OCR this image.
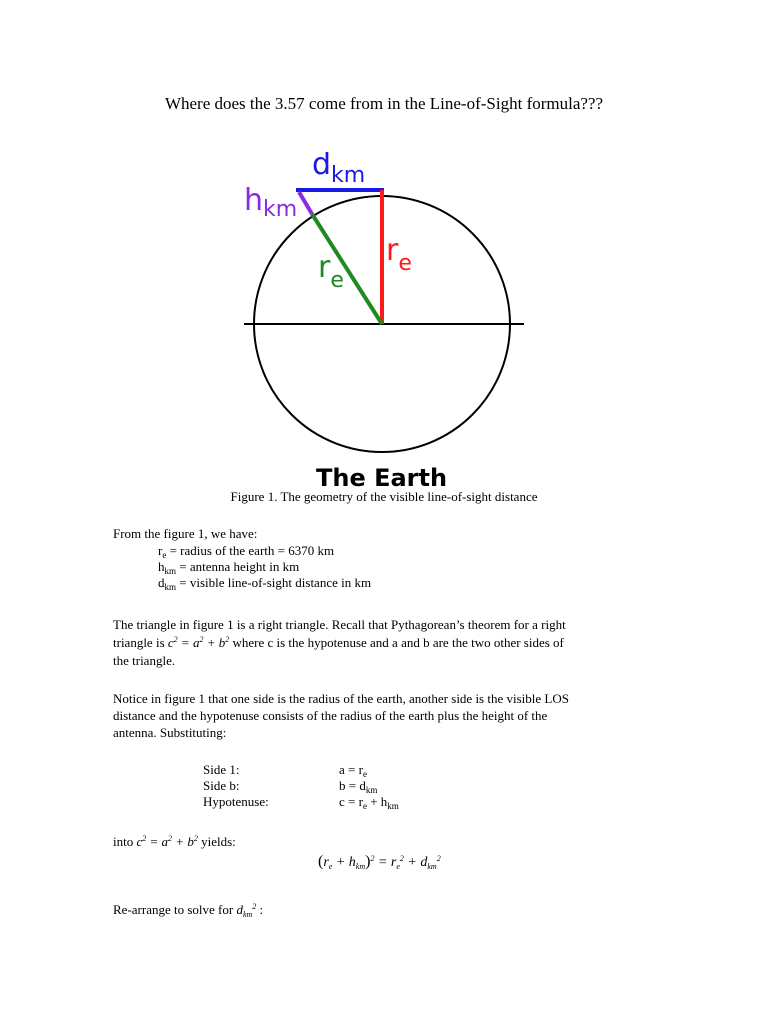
Where does the 3.57 come from in the Line-of-Sight formula???
$d_{km}$
$h_{km}$
$r_e$
$r_e$
The Earth
Figure 1. The geometry of the visible line-of-sight distance
From the figure 1, we have:
$r_e$ = radius of the earth = 6370 km
$h_{km}$ = antenna height in km
$d_{km}$ = visible line-of-sight distance in km
The triangle in figure 1 is a right triangle. Recall that Pythagorean’s theorem for a right
triangle is $c^2 = a^2 + b^2$ where c is the hypotenuse and a and b are the two other sides of
the triangle.
Notice in figure 1 that one side is the radius of the earth, another side is the visible LOS
distance and the hypotenuse consists of the radius of the earth plus the height of the
antenna. Substituting:
Side 1:
Side b:
Hypotenuse:
$a = r_e$
$b = d_{km}$
$c = r_e + h_{km}$
into $c^2 = a^2 + b^2$ yields:
$(r_e + h_{km})^2 = r_e^2 + d_{km}^2$
Re-arrange to solve for $d_{km}^2$ :
